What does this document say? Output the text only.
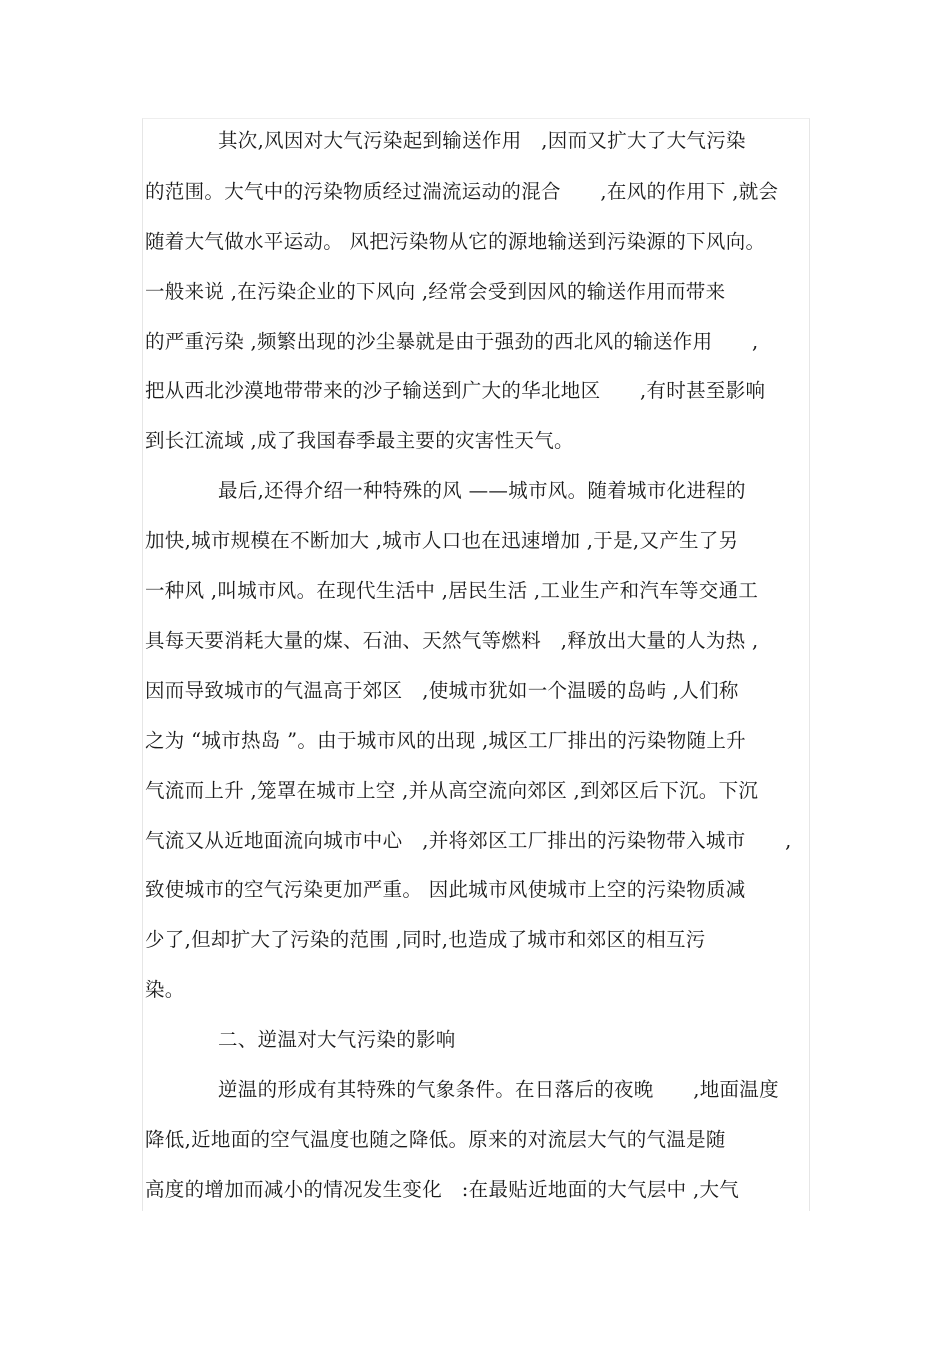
其次,风因对大气污染起到输送作用　,因而又扩大了大气污染
的范围。大气中的污染物质经过湍流运动的混合　　,在风的作用下 ,就会
随着大气做水平运动。 风把污染物从它的源地输送到污染源的下风向。
一般来说 ,在污染企业的下风向 ,经常会受到因风的输送作用而带来
的严重污染 ,频繁出现的沙尘暴就是由于强劲的西北风的输送作用　　,
把从西北沙漠地带带来的沙子输送到广大的华北地区　　,有时甚至影响
到长江流域 ,成了我国春季最主要的灾害性天气。
最后,还得介绍一种特殊的风 ——城市风。随着城市化进程的
加快,城市规模在不断加大 ,城市人口也在迅速增加 ,于是,又产生了另
一种风 ,叫城市风。在现代生活中 ,居民生活 ,工业生产和汽车等交通工
具每天要消耗大量的煤、石油、天然气等燃料　,释放出大量的人为热 ,
因而导致城市的气温高于郊区　,使城市犹如一个温暖的岛屿 ,人们称
之为 “城市热岛 ”。由于城市风的出现 ,城区工厂排出的污染物随上升
气流而上升 ,笼罩在城市上空 ,并从高空流向郊区 ,到郊区后下沉。下沉
气流又从近地面流向城市中心　,并将郊区工厂排出的污染物带入城市　　,
致使城市的空气污染更加严重。 因此城市风使城市上空的污染物质减
少了,但却扩大了污染的范围 ,同时,也造成了城市和郊区的相互污
染。
二、逆温对大气污染的影响
逆温的形成有其特殊的气象条件。在日落后的夜晚　　,地面温度
降低,近地面的空气温度也随之降低。原来的对流层大气的气温是随
高度的增加而减小的情况发生变化　:在最贴近地面的大气层中 ,大气
